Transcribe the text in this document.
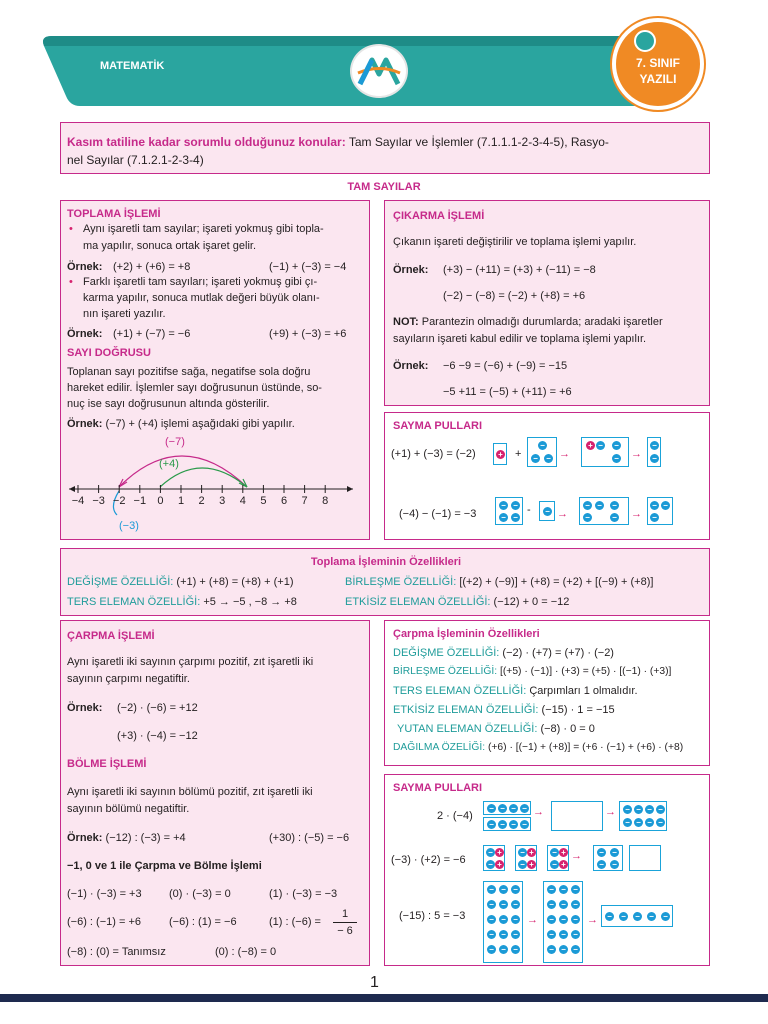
MATEMATİK	7. SINIF
YAZILI
Kasım tatiline kadar sorumlu olduğunuz konular: Tam Sayılar ve İşlemler (7.1.1.1-2-3-4-5), Rasyo-
nel Sayılar (7.1.2.1-2-3-4)
TAM SAYILAR
TOPLAMA İŞLEMİ
• Aynı işaretli tam sayılar; işareti yokmuş gibi topla-
ma yapılır, sonuca ortak işaret gelir.
Örnek: (+2) + (+6) = +8	(−1) + (−3) = −4
• Farklı işaretli tam sayıları; işareti yokmuş gibi çı-
karma yapılır, sonuca mutlak değeri büyük olanı-
nın işareti yazılır.
Örnek: (+1) + (−7) = −6	(+9) + (−3) = +6
SAYI DOĞRUSU
Toplanan sayı pozitifse sağa, negatifse sola doğru
hareket edilir. İşlemler sayı doğrusunun üstünde, so-
nuç ise sayı doğrusunun altında gösterilir.
Örnek: (−7) + (+4) işlemi aşağıdaki gibi yapılır.
(−7)
(+4)
(−3)
−4 −3 −2 −1	0	1	2	3	4	5	6	7	8
ÇIKARMA İŞLEMİ
Çıkanın işareti değiştirilir ve toplama işlemi yapılır.
Örnek: (+3) − (+11) = (+3) + (−11) = −8
(−2) − (−8) = (−2) + (+8) = +6
NOT: Parantezin olmadığı durumlarda; aradaki işaretler
sayıların işareti kabul edilir ve toplama işlemi yapılır.
Örnek: −6 −9 = (−6) + (−9) = −15
−5 +11 = (−5) + (+11) = +6
SAYMA PULLARI
(+1) + (−3) = (−2)
(−4) − (−1) = −3
+ +
−
− − →
+ − −
− →
−
−
− −
− −
- − →
− − −
−	− →
− −
−
Toplama İşleminin Özellikleri
DEĞİŞME ÖZELLİĞİ: (+1) + (+8) = (+8) + (+1)	BİRLEŞME ÖZELLİĞİ: [(+2) + (−9)] + (+8) = (+2) + [(−9) + (+8)]
TERS ELEMAN ÖZELLİĞİ: +5 → −5 , −8 → +8	ETKİSİZ ELEMAN ÖZELLİĞİ: (−12) + 0 = −12
ÇARPMA İŞLEMİ
Aynı işaretli iki sayının çarpımı pozitif, zıt işaretli iki
sayının çarpımı negatiftir.
Örnek: (−2) · (−6) = +12
(+3) · (−4) = −12
BÖLME İŞLEMİ
Aynı işaretli iki sayının bölümü pozitif, zıt işaretli iki
sayının bölümü negatiftir.
Örnek: (−12) : (−3) = +4	(+30) : (−5) = −6
−1, 0 ve 1 ile Çarpma ve Bölme İşlemi
(−1) · (−3) = +3 (0) · (−3) = 0	(1) · (−3) = −3
(−6) : (−1) = +6	(−6) : (1) = −6	(1) : (−6) =
1
− 6
(−8) : (0) = Tanımsız	(0) : (−8) = 0
Çarpma İşleminin Özellikleri
DEĞİŞME ÖZELLİĞİ: (−2) · (+7) = (+7) · (−2)
BİRLEŞME ÖZELLİĞİ: [(+5) · (−1)] · (+3) = (+5) · [(−1) · (+3)]
TERS ELEMAN ÖZELLİĞİ: Çarpımları 1 olmalıdır.
ETKİSİZ ELEMAN ÖZELLİĞİ: (−15) · 1 = −15
YUTAN ELEMAN ÖZELLİĞİ: (−8) · 0 = 0
DAĞILMA ÖZELİĞİ: (+6) · [(−1) + (+8)] = (+6 · (−1) + (+6) · (+8)
SAYMA PULLARI
2 · (−4)
(−3) · (+2) = −6
(−15) : 5 = −3
− − − −
− − − −
→	→ −
−
−
−
−
−
−
−
− +
− +
− +
− +
− +
− +
→ − −
− −
− − −
− − −
− − −
− − −
− − −
→
− − −
− − −
− − −
− − −
− − −
→ − − − − −
1
